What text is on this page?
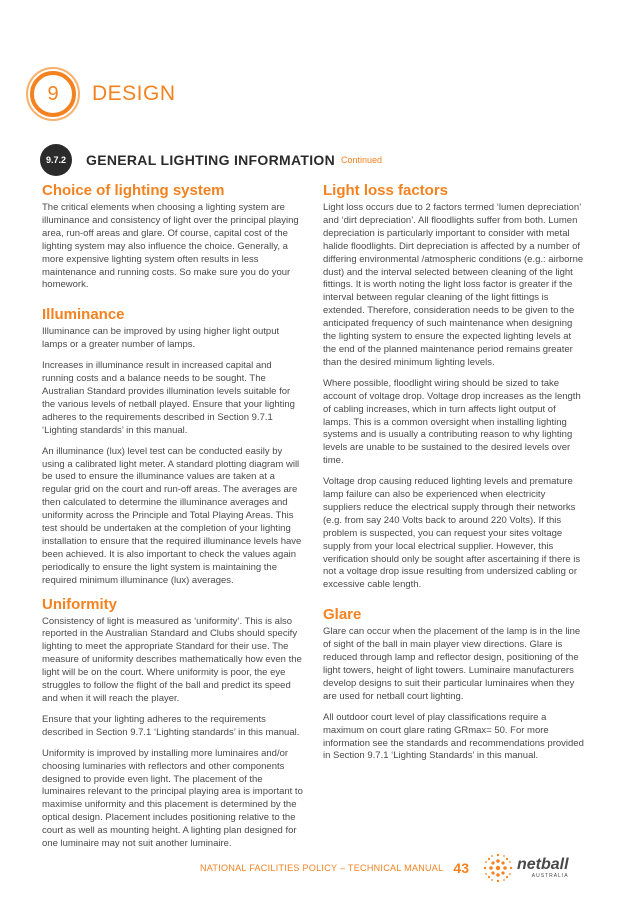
9 DESIGN
9.7.2	GENERAL LIGHTING INFORMATION Continued
Choice of lighting system

The critical elements when choosing a lighting system are illuminance and consistency of light over the principal playing area, run-off areas and glare. Of course, capital cost of the lighting system may also influence the choice. Generally, a more expensive lighting system often results in less maintenance and running costs. So make sure you do your homework.

Illuminance

Illuminance can be improved by using higher light output lamps or a greater number of lamps.

Increases in illuminance result in increased capital and running costs and a balance needs to be sought. The Australian Standard provides illumination levels suitable for the various levels of netball played. Ensure that your lighting adheres to the requirements described in Section 9.7.1 ‘Lighting standards’ in this manual.

An illuminance (lux) level test can be conducted easily by using a calibrated light meter. A standard plotting diagram will be used to ensure the illuminance values are taken at a regular grid on the court and run-off areas. The averages are then calculated to determine the illuminance averages and uniformity across the Principle and Total Playing Areas. This test should be undertaken at the completion of your lighting installation to ensure that the required illuminance levels have been achieved. It is also important to check the values again periodically to ensure the light system is maintaining the required minimum illuminance (lux) averages.

Uniformity

Consistency of light is measured as ‘uniformity’. This is also reported in the Australian Standard and Clubs should specify lighting to meet the appropriate Standard for their use. The measure of uniformity describes mathematically how even the light will be on the court. Where uniformity is poor, the eye struggles to follow the flight of the ball and predict its speed and when it will reach the player.

Ensure that your lighting adheres to the requirements described in Section 9.7.1 ‘Lighting standards’ in this manual.

Uniformity is improved by installing more luminaires and/or choosing luminaries with reflectors and other components designed to provide even light. The placement of the luminaires relevant to the principal playing area is important to maximise uniformity and this placement is determined by the optical design. Placement includes positioning relative to the court as well as mounting height. A lighting plan designed for one luminaire may not suit another luminaire.

Light loss factors

Light loss occurs due to 2 factors termed ‘lumen depreciation’ and ‘dirt depreciation’. All floodlights suffer from both. Lumen depreciation is particularly important to consider with metal halide floodlights. Dirt depreciation is affected by a number of differing environmental /atmospheric conditions (e.g.: airborne dust) and the interval selected between cleaning of the light fittings. It is worth noting the light loss factor is greater if the interval between regular cleaning of the light fittings is extended. Therefore, consideration needs to be given to the anticipated frequency of such maintenance when designing the lighting system to ensure the expected lighting levels at the end of the planned maintenance period remains greater than the desired minimum lighting levels.

Where possible, floodlight wiring should be sized to take account of voltage drop. Voltage drop increases as the length of cabling increases, which in turn affects light output of lamps. This is a common oversight when installing lighting systems and is usually a contributing reason to why lighting levels are unable to be sustained to the desired levels over time.

Voltage drop causing reduced lighting levels and premature lamp failure can also be experienced when electricity suppliers reduce the electrical supply through their networks (e.g. from say 240 Volts back to around 220 Volts). If this problem is suspected, you can request your sites voltage supply from your local electrical supplier. However, this verification should only be sought after ascertaining if there is not a voltage drop issue resulting from undersized cabling or excessive cable length.

Glare

Glare can occur when the placement of the lamp is in the line of sight of the ball in main player view directions. Glare is reduced through lamp and reflector design, positioning of the light towers, height of light towers. Luminaire manufacturers develop designs to suit their particular luminaires when they are used for netball court lighting.

All outdoor court level of play classifications require a maximum on court glare rating GRmax= 50. For more information see the standards and recommendations provided in Section 9.7.1 ‘Lighting Standards’ in this manual.

NATIONAL FACILITIES POLICY – TECHNICAL MANUAL 43	netball
AUSTRALIA
